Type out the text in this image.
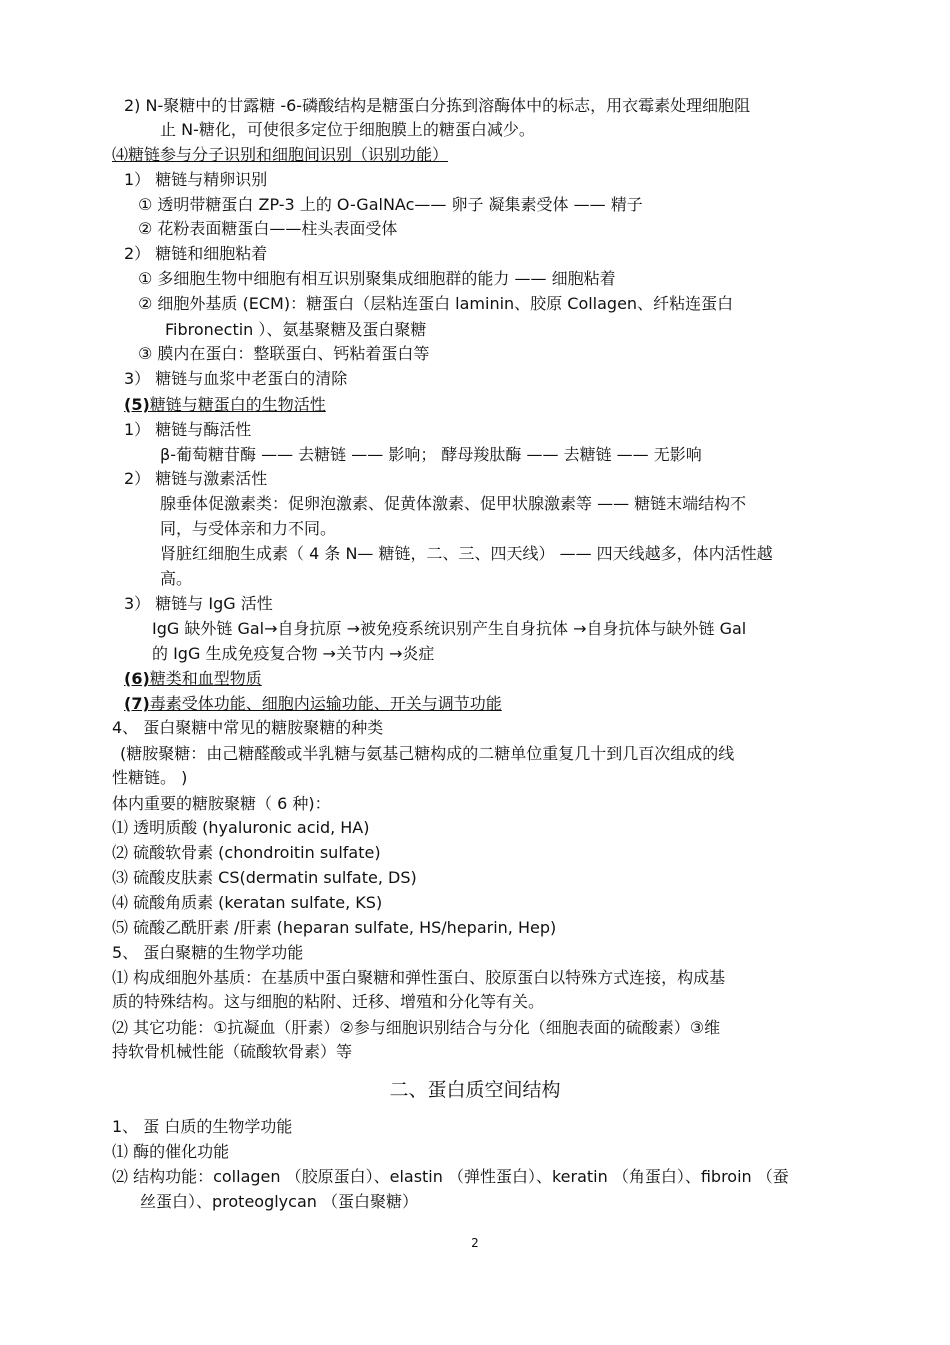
2) N-聚糖中的甘露糖 -6-磷酸结构是糖蛋白分拣到溶酶体中的标志，用衣霉素处理细胞阻
止 N-糖化，可使很多定位于细胞膜上的糖蛋白减少。
⑷糖链参与分子识别和细胞间识别（识别功能）
1） 糖链与精卵识别
① 透明带糖蛋白 ZP-3 上的 O-GalNAc—— 卵子 凝集素受体 —— 精子
② 花粉表面糖蛋白——柱头表面受体
2） 糖链和细胞粘着
① 多细胞生物中细胞有相互识别聚集成细胞群的能力 —— 细胞粘着
② 细胞外基质 (ECM)：糖蛋白（层粘连蛋白 laminin、胶原 Collagen、纤粘连蛋白
Fibronectin ）、氨基聚糖及蛋白聚糖
③ 膜内在蛋白：整联蛋白、钙粘着蛋白等
3） 糖链与血浆中老蛋白的清除
(5)糖链与糖蛋白的生物活性
1） 糖链与酶活性
β-葡萄糖苷酶 —— 去糖链 —— 影响； 酵母羧肽酶 —— 去糖链 —— 无影响
2） 糖链与激素活性
腺垂体促激素类：促卵泡激素、促黄体激素、促甲状腺激素等 —— 糖链末端结构不
同，与受体亲和力不同。
肾脏红细胞生成素（ 4 条 N— 糖链，二、三、四天线） —— 四天线越多，体内活性越
高。
3） 糖链与 IgG 活性
IgG 缺外链 Gal→自身抗原 →被免疫系统识别产生自身抗体 →自身抗体与缺外链 Gal
的 IgG 生成免疫复合物 →关节内 →炎症
(6)糖类和血型物质
(7)毒素受体功能、细胞内运输功能、开关与调节功能
4、 蛋白聚糖中常见的糖胺聚糖的种类
(糖胺聚糖：由己糖醛酸或半乳糖与氨基己糖构成的二糖单位重复几十到几百次组成的线
性糖链。 )
体内重要的糖胺聚糖（ 6 种)：
⑴ 透明质酸 (hyaluronic acid, HA)
⑵ 硫酸软骨素 (chondroitin sulfate)
⑶ 硫酸皮肤素 CS(dermatin sulfate, DS)
⑷ 硫酸角质素 (keratan sulfate, KS)
⑸ 硫酸乙酰肝素 /肝素 (heparan sulfate, HS/heparin, Hep)
5、 蛋白聚糖的生物学功能
⑴ 构成细胞外基质：在基质中蛋白聚糖和弹性蛋白、胶原蛋白以特殊方式连接，构成基
质的特殊结构。这与细胞的粘附、迁移、增殖和分化等有关。
⑵ 其它功能：①抗凝血（肝素）②参与细胞识别结合与分化（细胞表面的硫酸素）③维
持软骨机械性能（硫酸软骨素）等
二、蛋白质空间结构
1、 蛋 白质的生物学功能
⑴ 酶的催化功能
⑵ 结构功能：collagen （胶原蛋白）、elastin （弹性蛋白）、keratin （角蛋白）、fibroin （蚕
丝蛋白）、proteoglycan （蛋白聚糖）
2
